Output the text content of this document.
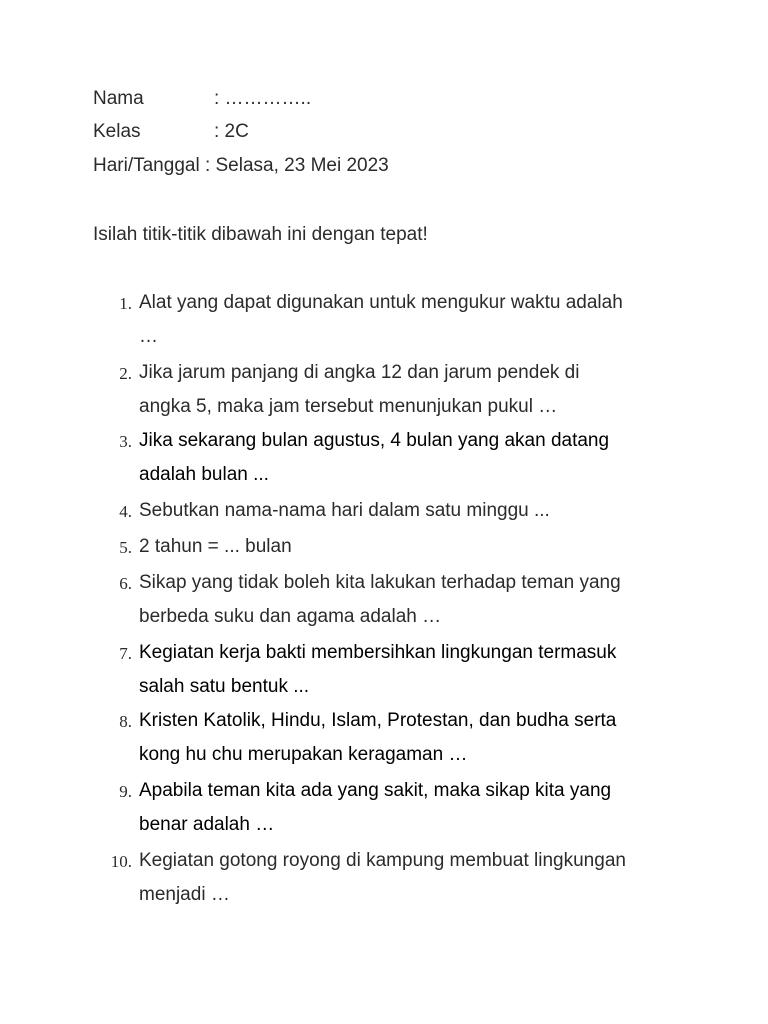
Nama	: …………..
Kelas	: 2C
Hari/Tanggal : Selasa, 23 Mei 2023
Isilah titik-titik dibawah ini dengan tepat!
1. Alat yang dapat digunakan untuk mengukur waktu adalah
…
2. Jika jarum panjang di angka 12 dan jarum pendek di
angka 5, maka jam tersebut menunjukan pukul …
3. Jika sekarang bulan agustus, 4 bulan yang akan datang
adalah bulan ...
4. Sebutkan nama-nama hari dalam satu minggu ...
5. 2 tahun = ... bulan
6. Sikap yang tidak boleh kita lakukan terhadap teman yang
berbeda suku dan agama adalah …
7. Kegiatan kerja bakti membersihkan lingkungan termasuk
salah satu bentuk ...
8. Kristen Katolik, Hindu, Islam, Protestan, dan budha serta
kong hu chu merupakan keragaman …
9. Apabila teman kita ada yang sakit, maka sikap kita yang
benar adalah …
10. Kegiatan gotong royong di kampung membuat lingkungan
menjadi …
